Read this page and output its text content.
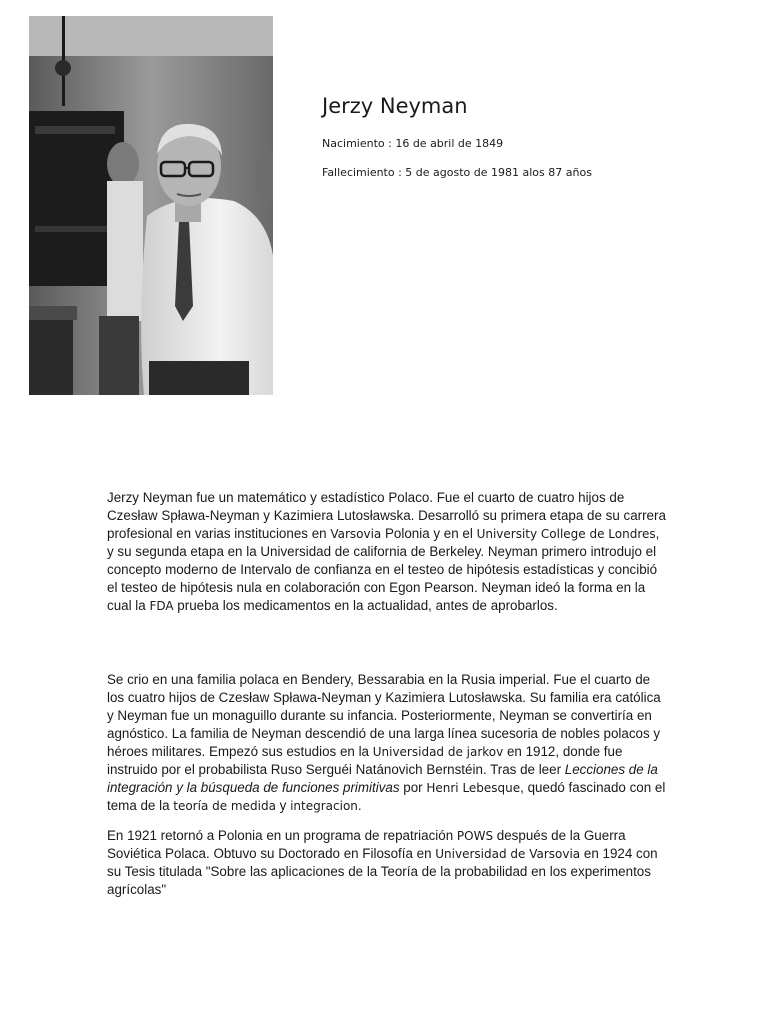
Jerzy Neyman

Nacimiento : 16 de abril de 1849

Fallecimiento : 5 de agosto de 1981 alos 87 años

Jerzy Neyman fue un matemático y estadístico Polaco. Fue el cuarto de cuatro hijos de Czesław Spława-Neyman y Kazimiera Lutosławska. Desarrolló su primera etapa de su carrera profesional en varias instituciones en Varsovia Polonia y en el University College de Londres, y su segunda etapa en la Universidad de california de Berkeley. Neyman primero introdujo el concepto moderno de Intervalo de confianza en el testeo de hipótesis estadísticas y concibió el testeo de hipótesis nula en colaboración con Egon Pearson. Neyman ideó la forma en la cual la FDA prueba los medicamentos en la actualidad, antes de aprobarlos.

Se crio en una familia polaca en Bendery, Bessarabia en la Rusia imperial. Fue el cuarto de los cuatro hijos de Czesław Spława-Neyman y Kazimiera Lutosławska. Su familia era católica y Neyman fue un monaguillo durante su infancia. Posteriormente, Neyman se convertiría en agnóstico. La familia de Neyman descendió de una larga línea sucesoria de nobles polacos y héroes militares. Empezó sus estudios en la Universidad de jarkov en 1912, donde fue instruido por el probabilista Ruso Serguéi Natánovich Bernstéin. Tras de leer Lecciones de la integración y la búsqueda de funciones primitivas por Henri Lebesque, quedó fascinado con el tema de la teoría de medida y integracion.

En 1921 retornó a Polonia en un programa de repatriación POWS después de la Guerra Soviética Polaca. Obtuvo su Doctorado en Filosofía en Universidad de Varsovia en 1924 con su Tesis titulada "Sobre las aplicaciones de la Teoría de la probabilidad en los experimentos agrícolas"
